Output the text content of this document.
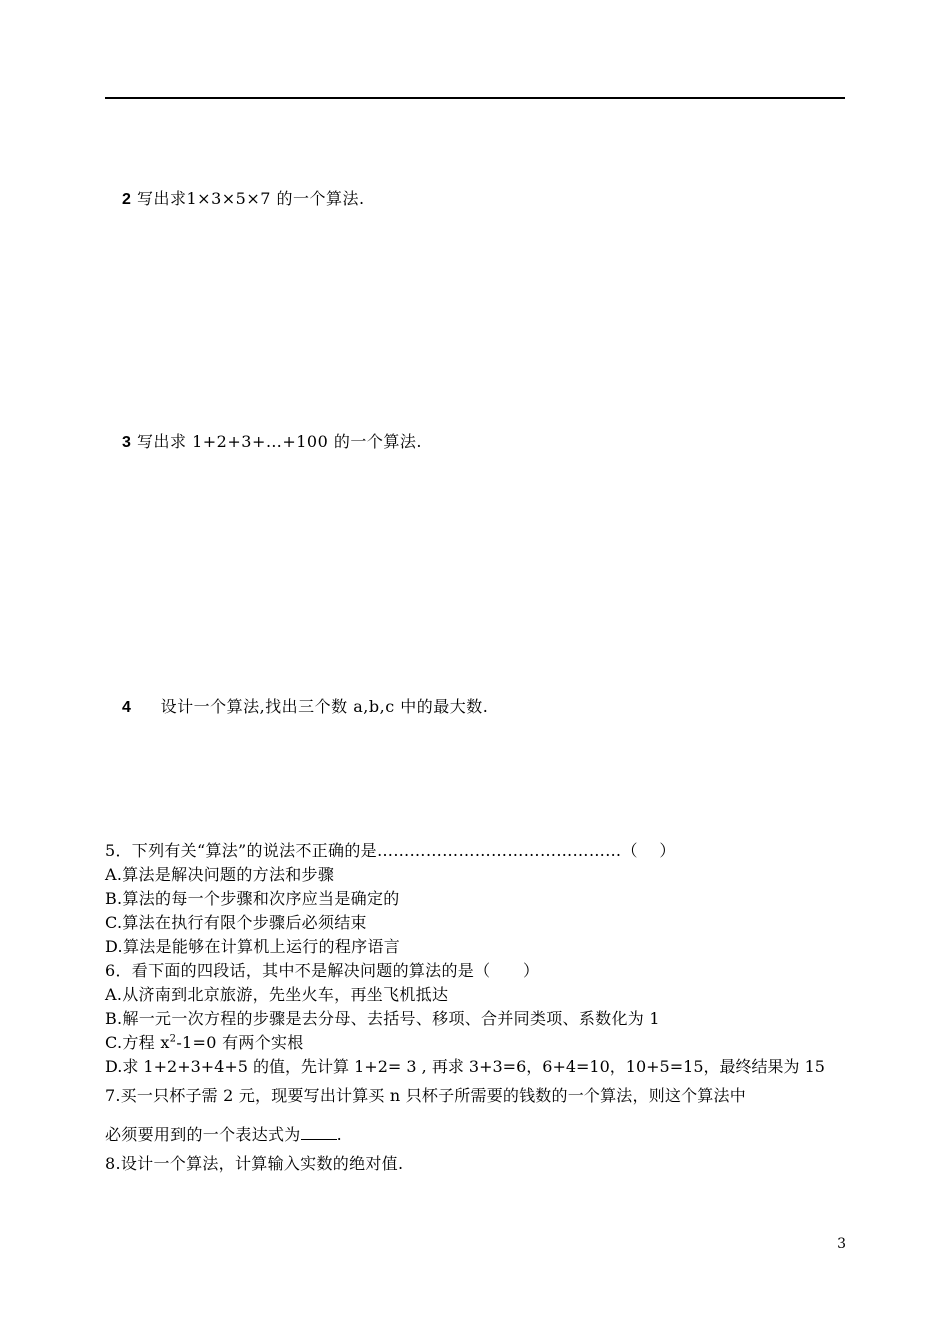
2 写出求1×3×5×7 的一个算法.
3 写出求 1+2+3+…+100 的一个算法.
4 设计一个算法,找出三个数 a,b,c 中的最大数.
5．下列有关“算法”的说法不正确的是………………………………………（　 ）
A.算法是解决问题的方法和步骤
B.算法的每一个步骤和次序应当是确定的
C.算法在执行有限个步骤后必须结束
D.算法是能够在计算机上运行的程序语言
6．看下面的四段话，其中不是解决问题的算法的是（　　）
A.从济南到北京旅游，先坐火车，再坐飞机抵达
B.解一元一次方程的步骤是去分母、去括号、移项、合并同类项、系数化为 1
C.方程 $x^2-1=0$ 有两个实根
D.求 1+2+3+4+5 的值，先计算 1+2= 3 , 再求 3+3=6，6+4=10，10+5=15，最终结果为 15
7.买一只杯子需 2 元，现要写出计算买 n 只杯子所需要的钱数的一个算法，则这个算法中
必须要用到的一个表达式为 .
8.设计一个算法，计算输入实数的绝对值.
3
